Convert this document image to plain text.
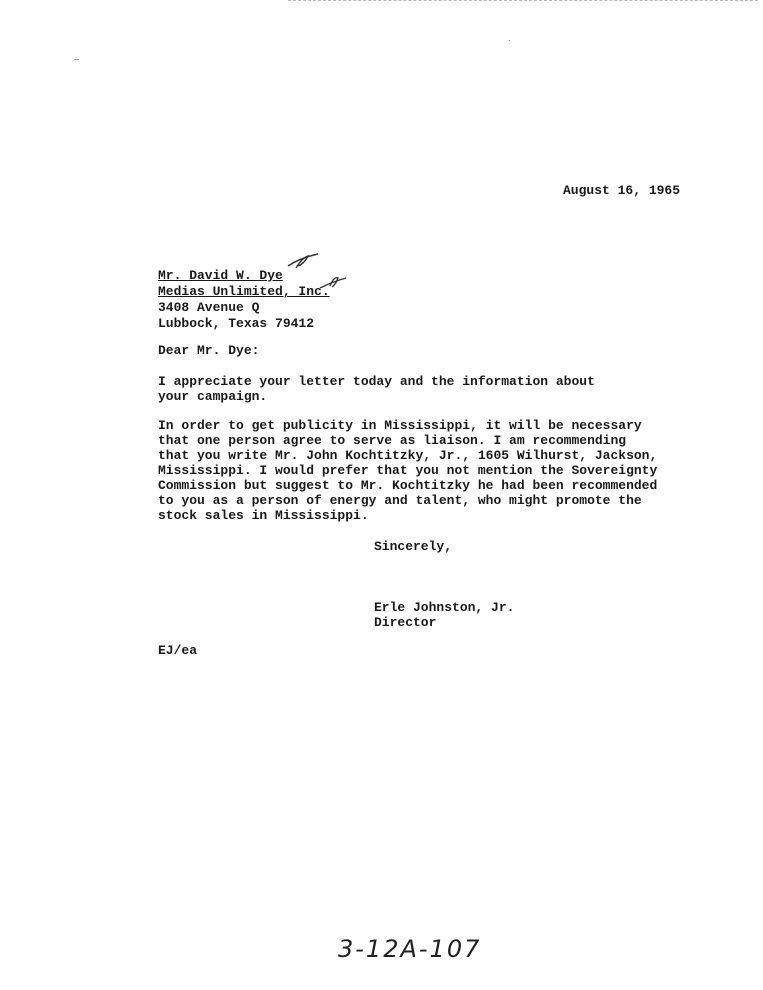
August 16, 1965
Mr. David W. Dye
Medias Unlimited, Inc.
3408 Avenue Q
Lubbock, Texas 79412
Dear Mr. Dye:
I appreciate your letter today and the information about
your campaign.
In order to get publicity in Mississippi, it will be necessary
that one person agree to serve as liaison. I am recommending
that you write Mr. John Kochtitzky, Jr., 1605 Wilhurst, Jackson,
Mississippi. I would prefer that you not mention the Sovereignty
Commission but suggest to Mr. Kochtitzky he had been recommended
to you as a person of energy and talent, who might promote the
stock sales in Mississippi.
Sincerely,
Erle Johnston, Jr.
Director
EJ/ea
3-12A-107
